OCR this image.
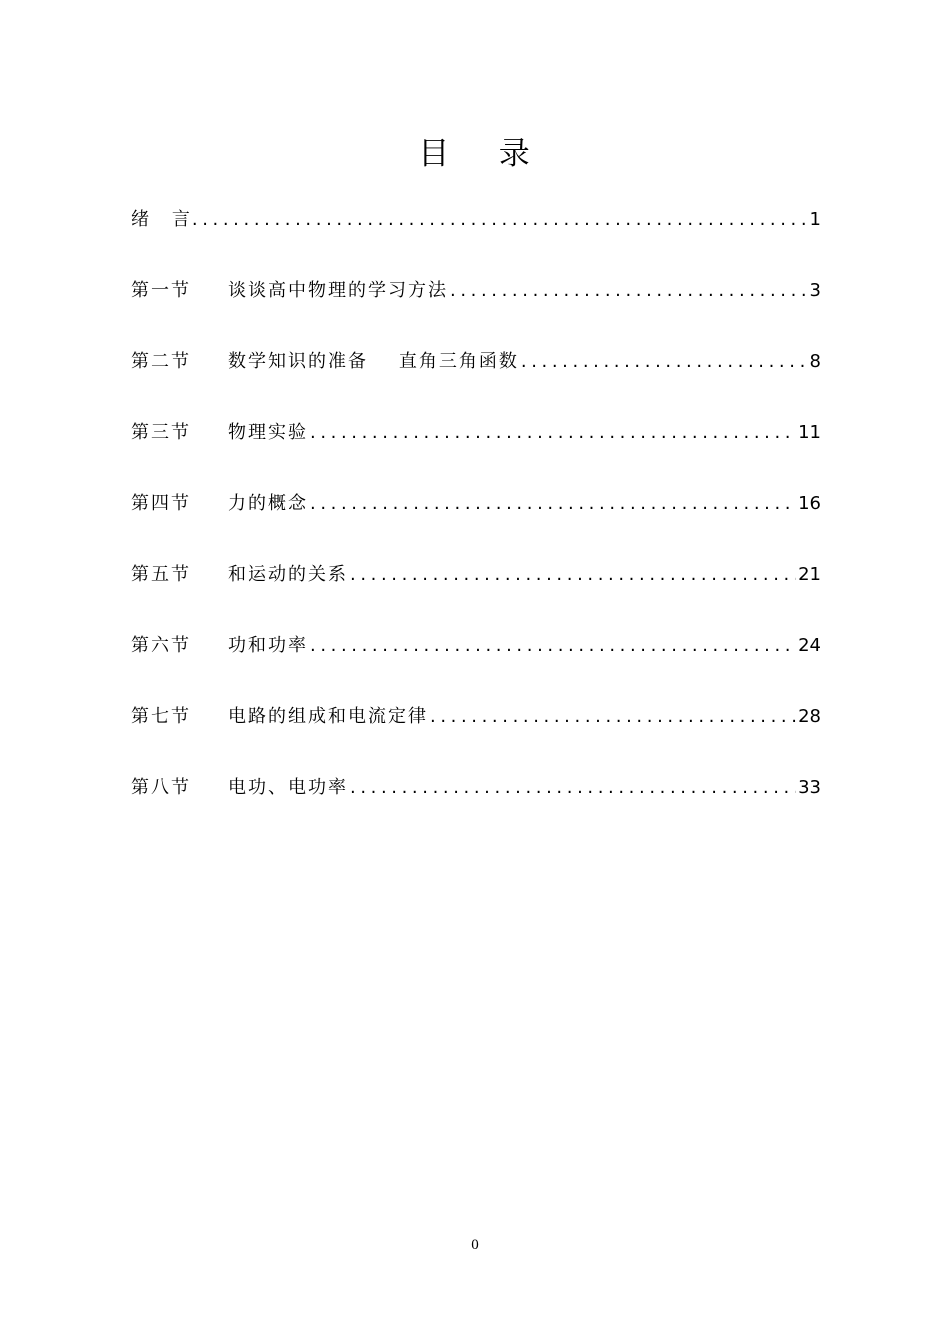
目    录
绪    言 .....	1
第一节	谈谈高中物理的学习方法 .....	3
第二节	数学知识的准备    直角三角函数 .....	8
第三节	物理实验 .....	11
第四节	力的概念 .....	16
第五节	和运动的关系 .....	21
第六节	功和功率 .....	24
第七节	电路的组成和电流定律 .....	28
第八节	电功、电功率 .....	33
0
